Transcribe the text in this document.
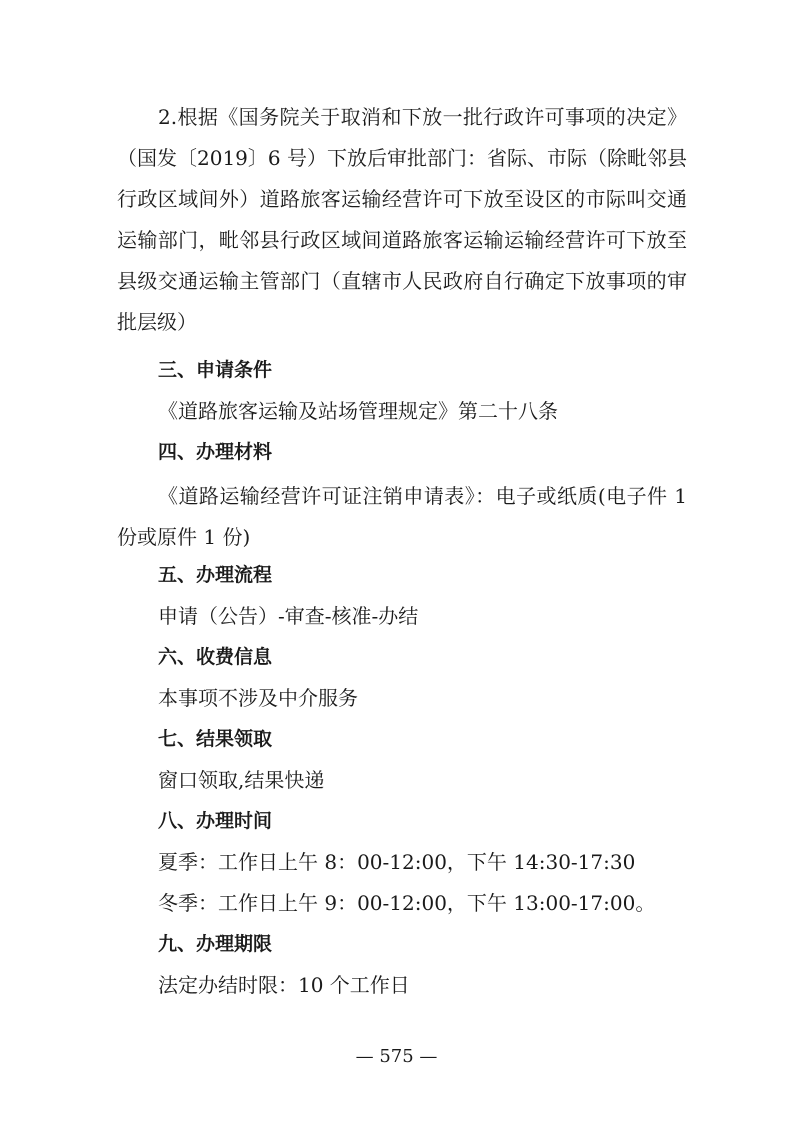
2.根据《国务院关于取消和下放一批行政许可事项的决定》（国发〔2019〕6 号）下放后审批部门：省际、市际（除毗邻县行政区域间外）道路旅客运输经营许可下放至设区的市际叫交通运输部门，毗邻县行政区域间道路旅客运输运输经营许可下放至县级交通运输主管部门（直辖市人民政府自行确定下放事项的审批层级）

三、申请条件

《道路旅客运输及站场管理规定》第二十八条

四、办理材料

《道路运输经营许可证注销申请表》：电子或纸质(电子件 1 份或原件 1 份)

五、办理流程

申请（公告）-审查-核准-办结

六、收费信息

本事项不涉及中介服务

七、结果领取

窗口领取,结果快递

八、办理时间

夏季：工作日上午 8：00-12:00，下午 14:30-17:30

冬季：工作日上午 9：00-12:00，下午 13:00-17:00。

九、办理期限

法定办结时限：10 个工作日

— 575 —
